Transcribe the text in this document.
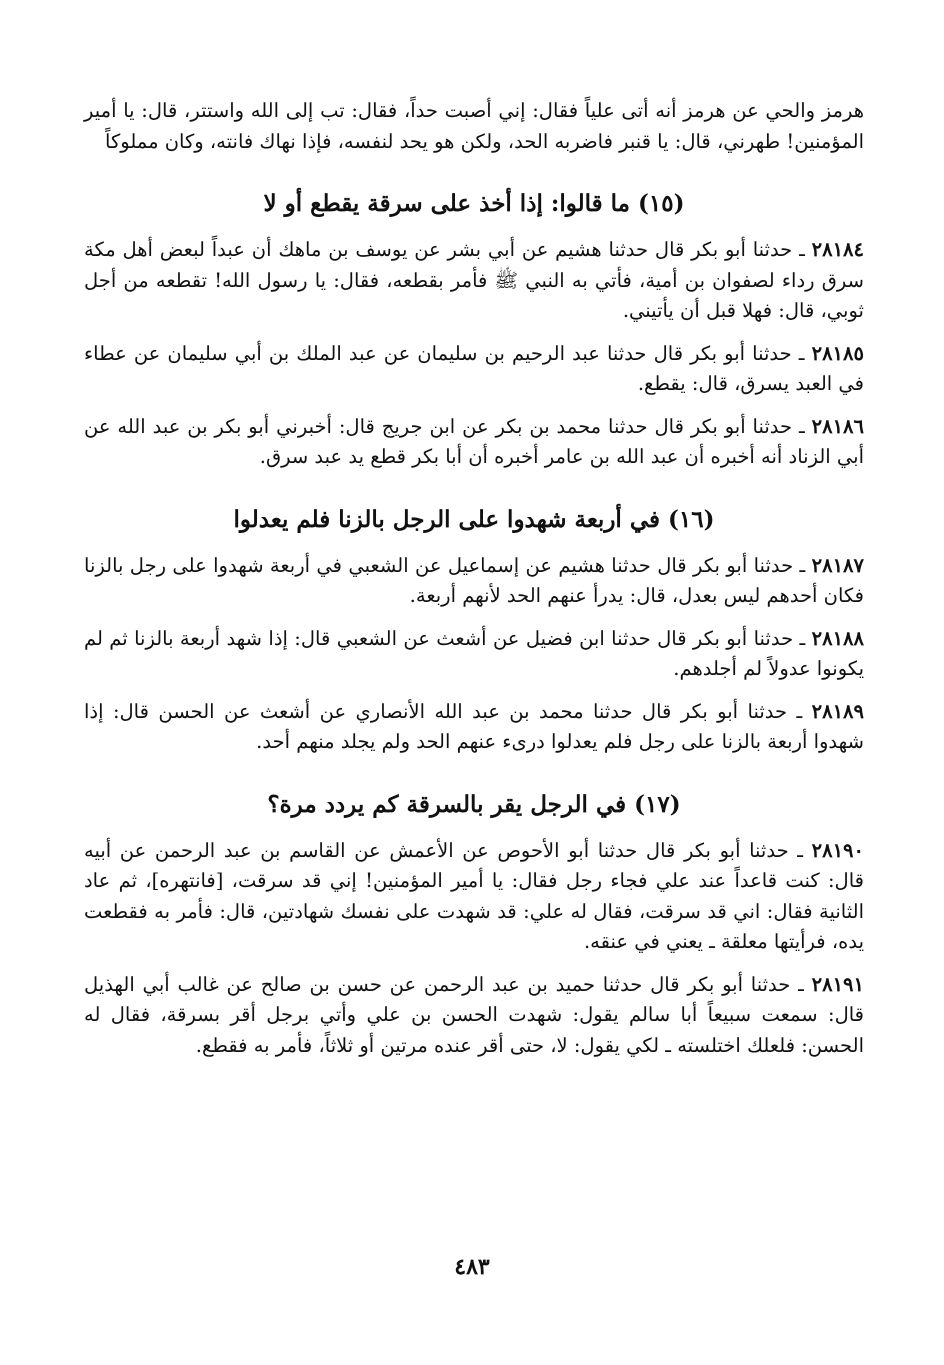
هرمز والحي عن هرمز أنه أتى علياً فقال: إني أصبت حداً، فقال: تب إلى الله واستتر، قال: يا أمير المؤمنين! طهرني، قال: يا قنبر فاضربه الحد، ولكن هو يحد لنفسه، فإذا نهاك فانته، وكان مملوكاً

(١٥) ما قالوا: إذا أخذ على سرقة يقطع أو لا

٢٨١٨٤ ـ حدثنا أبو بكر قال حدثنا هشيم عن أبي بشر عن يوسف بن ماهك أن عبداً لبعض أهل مكة سرق رداء لصفوان بن أمية، فأتي به النبي ﷺ فأمر بقطعه، فقال: يا رسول الله! تقطعه من أجل ثوبي، قال: فهلا قبل أن يأتيني.

٢٨١٨٥ ـ حدثنا أبو بكر قال حدثنا عبد الرحيم بن سليمان عن عبد الملك بن أبي سليمان عن عطاء في العبد يسرق، قال: يقطع.

٢٨١٨٦ ـ حدثنا أبو بكر قال حدثنا محمد بن بكر عن ابن جريج قال: أخبرني أبو بكر بن عبد الله عن أبي الزناد أنه أخبره أن عبد الله بن عامر أخبره أن أبا بكر قطع يد عبد سرق.

(١٦) في أربعة شهدوا على الرجل بالزنا فلم يعدلوا

٢٨١٨٧ ـ حدثنا أبو بكر قال حدثنا هشيم عن إسماعيل عن الشعبي في أربعة شهدوا على رجل بالزنا فكان أحدهم ليس بعدل، قال: يدرأ عنهم الحد لأنهم أربعة.

٢٨١٨٨ ـ حدثنا أبو بكر قال حدثنا ابن فضيل عن أشعث عن الشعبي قال: إذا شهد أربعة بالزنا ثم لم يكونوا عدولاً لم أجلدهم.

٢٨١٨٩ ـ حدثنا أبو بكر قال حدثنا محمد بن عبد الله الأنصاري عن أشعث عن الحسن قال: إذا شهدوا أربعة بالزنا على رجل فلم يعدلوا درىء عنهم الحد ولم يجلد منهم أحد.

(١٧) في الرجل يقر بالسرقة كم يردد مرة؟

٢٨١٩٠ ـ حدثنا أبو بكر قال حدثنا أبو الأحوص عن الأعمش عن القاسم بن عبد الرحمن عن أبيه قال: كنت قاعداً عند علي فجاء رجل فقال: يا أمير المؤمنين! إني قد سرقت، [فانتهره]، ثم عاد الثانية فقال: اني قد سرقت، فقال له علي: قد شهدت على نفسك شهادتين، قال: فأمر به فقطعت يده، فرأيتها معلقة ـ يعني في عنقه.

٢٨١٩١ ـ حدثنا أبو بكر قال حدثنا حميد بن عبد الرحمن عن حسن بن صالح عن غالب أبي الهذيل قال: سمعت سبيعاً أبا سالم يقول: شهدت الحسن بن علي وأتي برجل أقر بسرقة، فقال له الحسن: فلعلك اختلسته ـ لكي يقول: لا، حتى أقر عنده مرتين أو ثلاثاً، فأمر به فقطع.

٤٨٣
